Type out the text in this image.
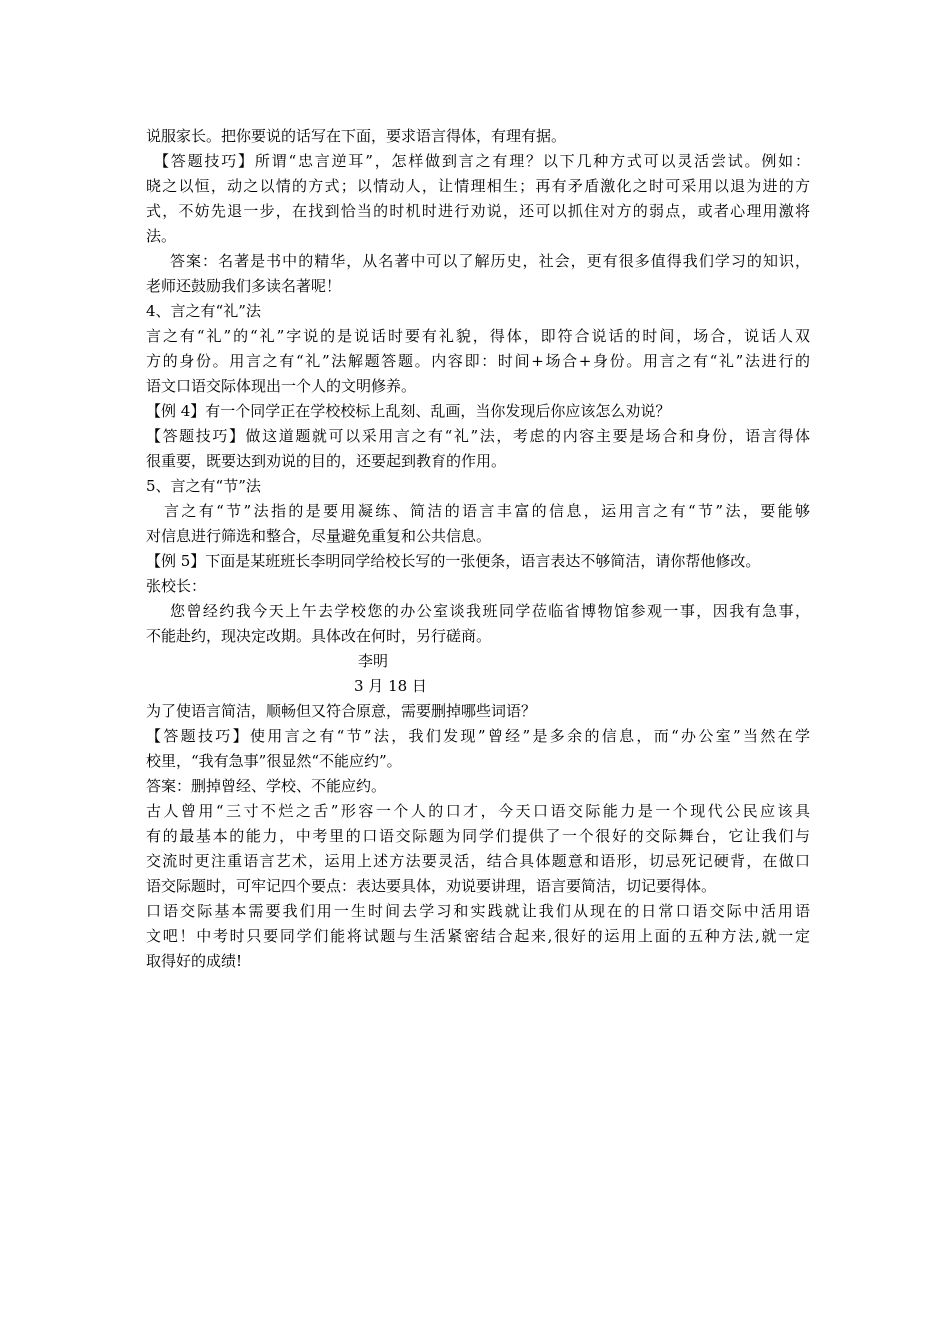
说服家长。把你要说的话写在下面，要求语言得体，有理有据。
【答题技巧】所谓“忠言逆耳”，怎样做到言之有理？以下几种方式可以灵活尝试。例如：
晓之以恒，动之以情的方式；以情动人，让情理相生；再有矛盾激化之时可采用以退为进的方
式，不妨先退一步，在找到恰当的时机时进行劝说，还可以抓住对方的弱点，或者心理用激将
法。
答案：名著是书中的精华，从名著中可以了解历史，社会，更有很多值得我们学习的知识，
老师还鼓励我们多读名著呢！
4、言之有“礼”法
言之有“礼”的“礼”字说的是说话时要有礼貌，得体，即符合说话的时间，场合，说话人双
方的身份。用言之有“礼”法解题答题。内容即：时间+场合+身份。用言之有“礼”法进行的
语文口语交际体现出一个人的文明修养。
【例 4】有一个同学正在学校校标上乱刻、乱画，当你发现后你应该怎么劝说？
【答题技巧】做这道题就可以采用言之有“礼”法，考虑的内容主要是场合和身份，语言得体
很重要，既要达到劝说的目的，还要起到教育的作用。
5、言之有“节”法
言之有“节”法指的是要用凝练、简洁的语言丰富的信息，运用言之有“节”法，要能够
对信息进行筛选和整合，尽量避免重复和公共信息。
【例 5】下面是某班班长李明同学给校长写的一张便条，语言表达不够简洁，请你帮他修改。
张校长：
您曾经约我今天上午去学校您的办公室谈我班同学莅临省博物馆参观一事，因我有急事，
不能赴约，现决定改期。具体改在何时，另行磋商。
李明
3 月 18 日
为了使语言简洁，顺畅但又符合原意，需要删掉哪些词语？
【答题技巧】使用言之有“节”法，我们发现”曾经”是多余的信息，而“办公室”当然在学
校里，“我有急事”很显然“不能应约”。
答案：删掉曾经、学校、不能应约。
古人曾用“三寸不烂之舌”形容一个人的口才，今天口语交际能力是一个现代公民应该具
有的最基本的能力，中考里的口语交际题为同学们提供了一个很好的交际舞台，它让我们与
交流时更注重语言艺术，运用上述方法要灵活，结合具体题意和语形，切忌死记硬背，在做口
语交际题时，可牢记四个要点：表达要具体，劝说要讲理，语言要简洁，切记要得体。
口语交际基本需要我们用一生时间去学习和实践就让我们从现在的日常口语交际中活用语
文吧！中考时只要同学们能将试题与生活紧密结合起来,很好的运用上面的五种方法,就一定
取得好的成绩!
